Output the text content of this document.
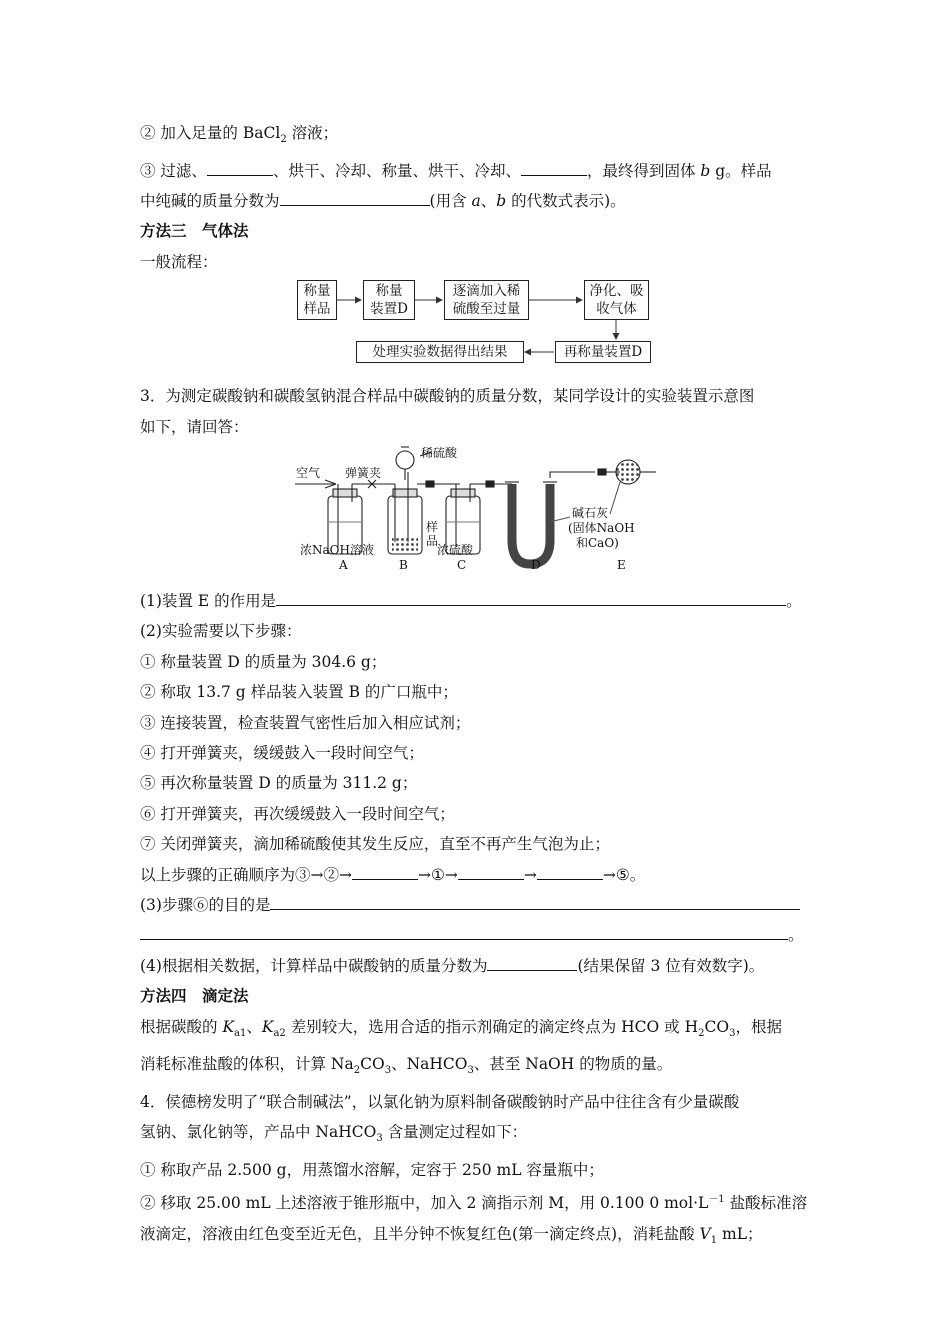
② 加入足量的 BaCl$_2$ 溶液；
③ 过滤、	、烘干、冷却、称量、烘干、冷却、	，最终得到固体 b g。样品
中纯碱的质量分数为	(用含 a、b 的代数式表示)。
方法三　气体法
一般流程：
称量
样品
称量
装置D
逐滴加入稀
硫酸至过量
净化、吸
收气体
再称量装置D
处理实验数据得出结果
3．为测定碳酸钠和碳酸氢钠混合样品中碳酸钠的质量分数，某同学设计的实验装置示意图
如下，请回答：
空气 弹簧夹
稀硫酸
样
品
碱石灰
(固体NaOH
和CaO)
浓NaOH溶液	浓硫酸
A	B	C	D	E
(1)装置 E 的作用是	。
(2)实验需要以下步骤：
① 称量装置 D 的质量为 304.6 g；
② 称取 13.7 g 样品装入装置 B 的广口瓶中；
③ 连接装置，检查装置气密性后加入相应试剂；
④ 打开弹簧夹，缓缓鼓入一段时间空气；
⑤ 再次称量装置 D 的质量为 311.2 g；
⑥ 打开弹簧夹，再次缓缓鼓入一段时间空气；
⑦ 关闭弹簧夹，滴加稀硫酸使其发生反应，直至不再产生气泡为止；
以上步骤的正确顺序为③→②→	→①→	→	→⑤。
(3)步骤⑥的目的是
。
(4)根据相关数据，计算样品中碳酸钠的质量分数为	(结果保留 3 位有效数字)。
方法四　滴定法
根据碳酸的 $K_{a1}$、$K_{a2}$ 差别较大，选用合适的指示剂确定的滴定终点为 HCO 或 $H_2CO_3$，根据
消耗标准盐酸的体积，计算 $Na_2CO_3$、NaHCO$_3$、甚至 NaOH 的物质的量。
4．侯德榜发明了“联合制碱法”，以氯化钠为原料制备碳酸钠时产品中往往含有少量碳酸
氢钠、氯化钠等，产品中 NaHCO$_3$ 含量测定过程如下：
① 称取产品 2.500 g，用蒸馏水溶解，定容于 250 mL 容量瓶中；
② 移取 25.00 mL 上述溶液于锥形瓶中，加入 2 滴指示剂 M，用 0.100 0 $mol\cdot L^{-1}$ 盐酸标准溶
液滴定，溶液由红色变至近无色，且半分钟不恢复红色(第一滴定终点)，消耗盐酸 $V_1$ mL；
